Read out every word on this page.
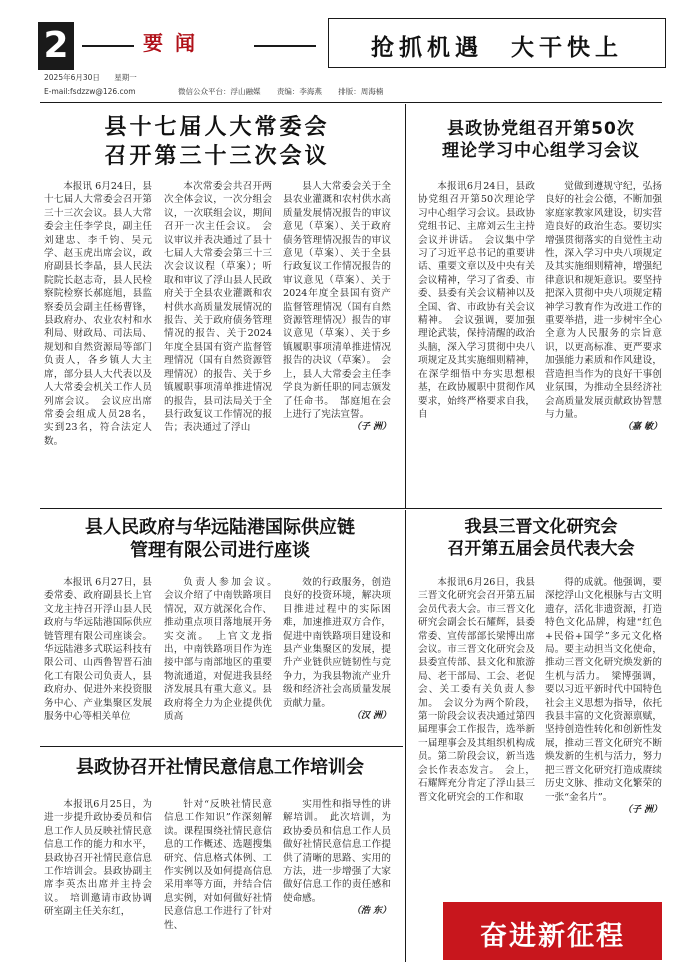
2	要闻	抢抓机遇　大干快上
2025年6月30日 星期一
E-mail:fsdzzw@126.com	微信公众平台：浮山融媒 责编：李海燕 排版：周海楠
县十七届人大常委会
召开第三十三次会议

本报讯 6月24日，县十七届人大常委会召开第三十三次会议。县人大常委会主任李学良，副主任刘建忠、李千钧、吴元学、赵玉虎出席会议，政府副县长李晶，县人民法院院长赵志奇，县人民检察院检察长郝庭旭，县监察委员会副主任杨曹锋，县政府办、农业农村和水利局、财政局、司法局、规划和自然资源局等部门负责人，各乡镇人大主席，部分县人大代表以及人大常委会机关工作人员列席会议。　会议应出席常委会组成人员28名，实到23名，符合法定人数。

本次常委会共召开两次全体会议，一次分组会议，一次联组会议，期间召开一次主任会议。　会议审议并表决通过了县十七届人大常委会第三十三次会议议程（草案）；听取和审议了浮山县人民政府关于全县农业灌溉和农村供水高质量发展情况的报告、关于政府债务管理情况的报告、关于2024年度全县国有资产监督管理情况（国有自然资源管理情况）的报告、关于乡镇履职事项清单推进情况的报告，县司法局关于全县行政复议工作情况的报告；表决通过了浮山

县人大常委会关于全县农业灌溉和农村供水高质量发展情况报告的审议意见（草案）、关于政府债务管理情况报告的审议意见（草案）、关于全县行政复议工作情况报告的审议意见（草案）、关于2024年度全县国有资产监督管理情况（国有自然资源管理情况）报告的审议意见（草案）、关于乡镇履职事项清单推进情况报告的决议（草案）。　会上，县人大常委会主任李学良为新任职的同志颁发了任命书。　郜庭旭在会上进行了宪法宣誓。

（子 洲）
县政协党组召开第50次
理论学习中心组学习会议

本报讯6月24日，县政协党组召开第50次理论学习中心组学习会议。县政协党组书记、主席刘云生主持会议并讲话。　会议集中学习了习近平总书记的重要讲话、重要文章以及中央有关会议精神，学习了省委、市委、县委有关会议精神以及全国、省、市政协有关会议精神。　会议强调，要加强理论武装，保持清醒的政治头脑，深入学习贯彻中央八项规定及其实施细则精神，在深学细悟中夯实思想根基，在政协履职中贯彻作风要求，始终严格要求自我，自

觉做到遵规守纪，弘扬良好的社会公德，不断加强家庭家教家风建设，切实营造良好的政治生态。要切实增强贯彻落实的自觉性主动性，深入学习中央八项规定及其实施细则精神，增强纪律意识和规矩意识。要坚持把深入贯彻中央八项规定精神学习教育作为改进工作的重要举措，进一步树牢全心全意为人民服务的宗旨意识，以更高标准、更严要求加强能力素质和作风建设，营造担当作为的良好干事创业氛围，为推动全县经济社会高质量发展贡献政协智慧与力量。

（嘉 敏）
县人民政府与华远陆港国际供应链
管理有限公司进行座谈

本报讯 6月27日，县委常委、政府副县长上官文龙主持召开浮山县人民政府与华远陆港国际供应链管理有限公司座谈会。华远陆港多式联运科技有限公司、山西鲁智晋石油化工有限公司负责人，县政府办、促进外来投资服务中心、产业集聚区发展服务中心等相关单位

负责人参加会议。　会议介绍了中南铁路项目情况，双方就深化合作、推动重点项目落地展开务实交流。　上官文龙指出，中南铁路项目作为连接中部与南部地区的重要物流通道，对促进我县经济发展具有重大意义。县政府将全力为企业提供优质高

效的行政服务，创造良好的投资环境，解决项目推进过程中的实际困难，加速推进双方合作，促进中南铁路项目建设和县产业集聚区的发展，提升产业链供应链韧性与竞争力，为我县物流产业升级和经济社会高质量发展贡献力量。

（汉 洲）
县政协召开社情民意信息工作培训会

本报讯6月25日，为进一步提升政协委员和信息工作人员反映社情民意信息工作的能力和水平，县政协召开社情民意信息工作培训会。县政协副主席李英杰出席并主持会议。　培训邀请市政协调研室副主任关东红，

针对“反映社情民意信息工作知识”作深刻解读。课程围绕社情民意信息的工作概述、选题搜集研究、信息格式体例、工作实例以及如何提高信息采用率等方面，并结合信息实例，对如何做好社情民意信息工作进行了针对性、

实用性和指导性的讲解培训。　此次培训，为政协委员和信息工作人员做好社情民意信息工作提供了清晰的思路、实用的方法，进一步增强了大家做好信息工作的责任感和使命感。

（浩 东）
我县三晋文化研究会
召开第五届会员代表大会

本报讯6月26日，我县三晋文化研究会召开第五届会员代表大会。市三晋文化研究会副会长石耀辉，县委常委、宣传部部长梁博出席会议。市三晋文化研究会及县委宣传部、县文化和旅游局、老干部局、工会、老促会、关工委有关负责人参加。　会议分为两个阶段，第一阶段会议表决通过第四届理事会工作报告，选举新一届理事会及其组织机构成员。第二阶段会议，新当选会长作表态发言。　会上，石耀辉充分肯定了浮山县三晋文化研究会的工作和取

得的成就。他强调，要深挖浮山文化根脉与古文明遗存，活化非遗资源，打造特色文化品牌，构建“红色+民俗+国学”多元文化格局。要主动担当文化使命，推动三晋文化研究焕发新的生机与活力。　梁博强调，要以习近平新时代中国特色社会主义思想为指导，依托我县丰富的文化资源禀赋，坚持创造性转化和创新性发展，推动三晋文化研究不断焕发新的生机与活力，努力把三晋文化研究打造成赓续历史文脉、推动文化繁荣的一张“金名片”。

（子 洲）
奋进新征程
